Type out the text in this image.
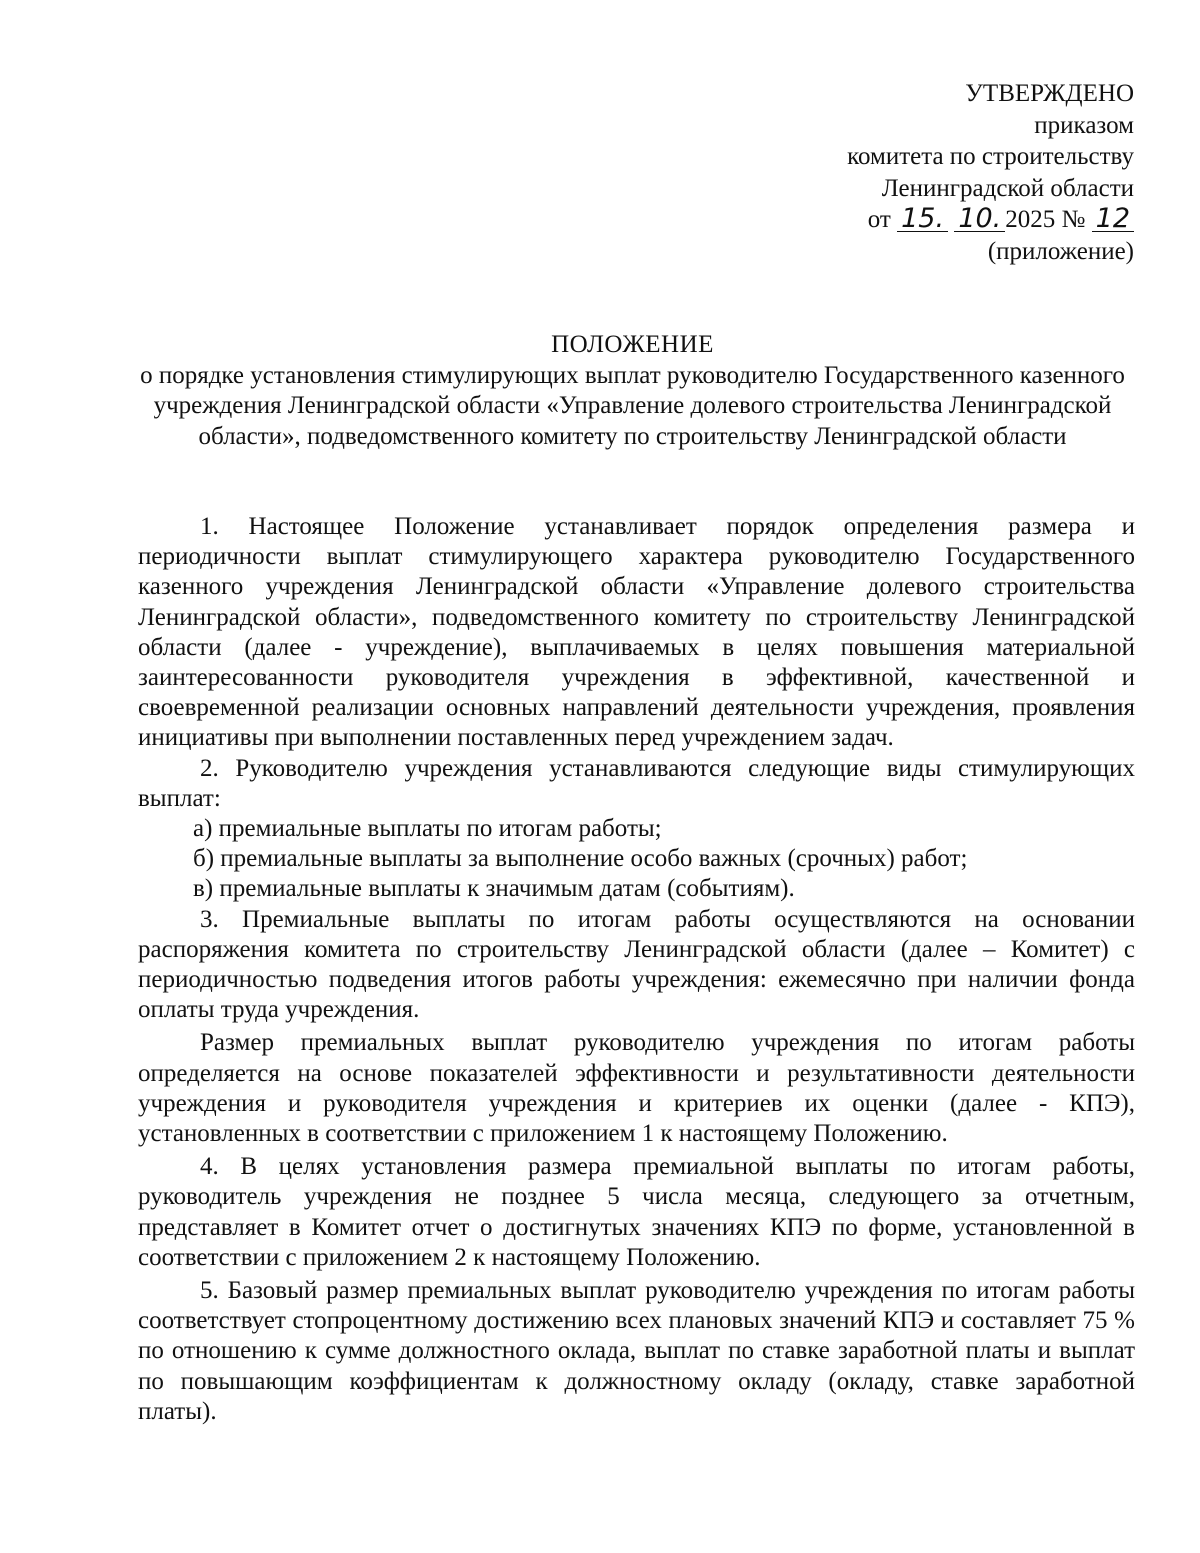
УТВЕРЖДЕНО
приказом
комитета по строительству
Ленинградской области
от 15. 10. 2025 № 12
(приложение)
ПОЛОЖЕНИЕ
о порядке установления стимулирующих выплат руководителю Государственного казенного учреждения Ленинградской области «Управление долевого строительства Ленинградской области», подведомственного комитету по строительству Ленинградской области

1. Настоящее Положение устанавливает порядок определения размера и периодичности выплат стимулирующего характера руководителю Государственного казенного учреждения Ленинградской области «Управление долевого строительства Ленинградской области», подведомственного комитету по строительству Ленинградской области (далее - учреждение), выплачиваемых в целях повышения материальной заинтересованности руководителя учреждения в эффективной, качественной и своевременной реализации основных направлений деятельности учреждения, проявления инициативы при выполнении поставленных перед учреждением задач.

2. Руководителю учреждения устанавливаются следующие виды стимулирующих выплат:

а) премиальные выплаты по итогам работы;

б) премиальные выплаты за выполнение особо важных (срочных) работ;

в) премиальные выплаты к значимым датам (событиям).

3. Премиальные выплаты по итогам работы осуществляются на основании распоряжения комитета по строительству Ленинградской области (далее – Комитет) с периодичностью подведения итогов работы учреждения: ежемесячно при наличии фонда оплаты труда учреждения.

Размер премиальных выплат руководителю учреждения по итогам работы определяется на основе показателей эффективности и результативности деятельности учреждения и руководителя учреждения и критериев их оценки (далее - КПЭ), установленных в соответствии с приложением 1 к настоящему Положению.

4. В целях установления размера премиальной выплаты по итогам работы, руководитель учреждения не позднее 5 числа месяца, следующего за отчетным, представляет в Комитет отчет о достигнутых значениях КПЭ по форме, установленной в соответствии с приложением 2 к настоящему Положению.

5. Базовый размер премиальных выплат руководителю учреждения по итогам работы соответствует стопроцентному достижению всех плановых значений КПЭ и составляет 75 % по отношению к сумме должностного оклада, выплат по ставке заработной платы и выплат по повышающим коэффициентам к должностному окладу (окладу, ставке заработной платы).
